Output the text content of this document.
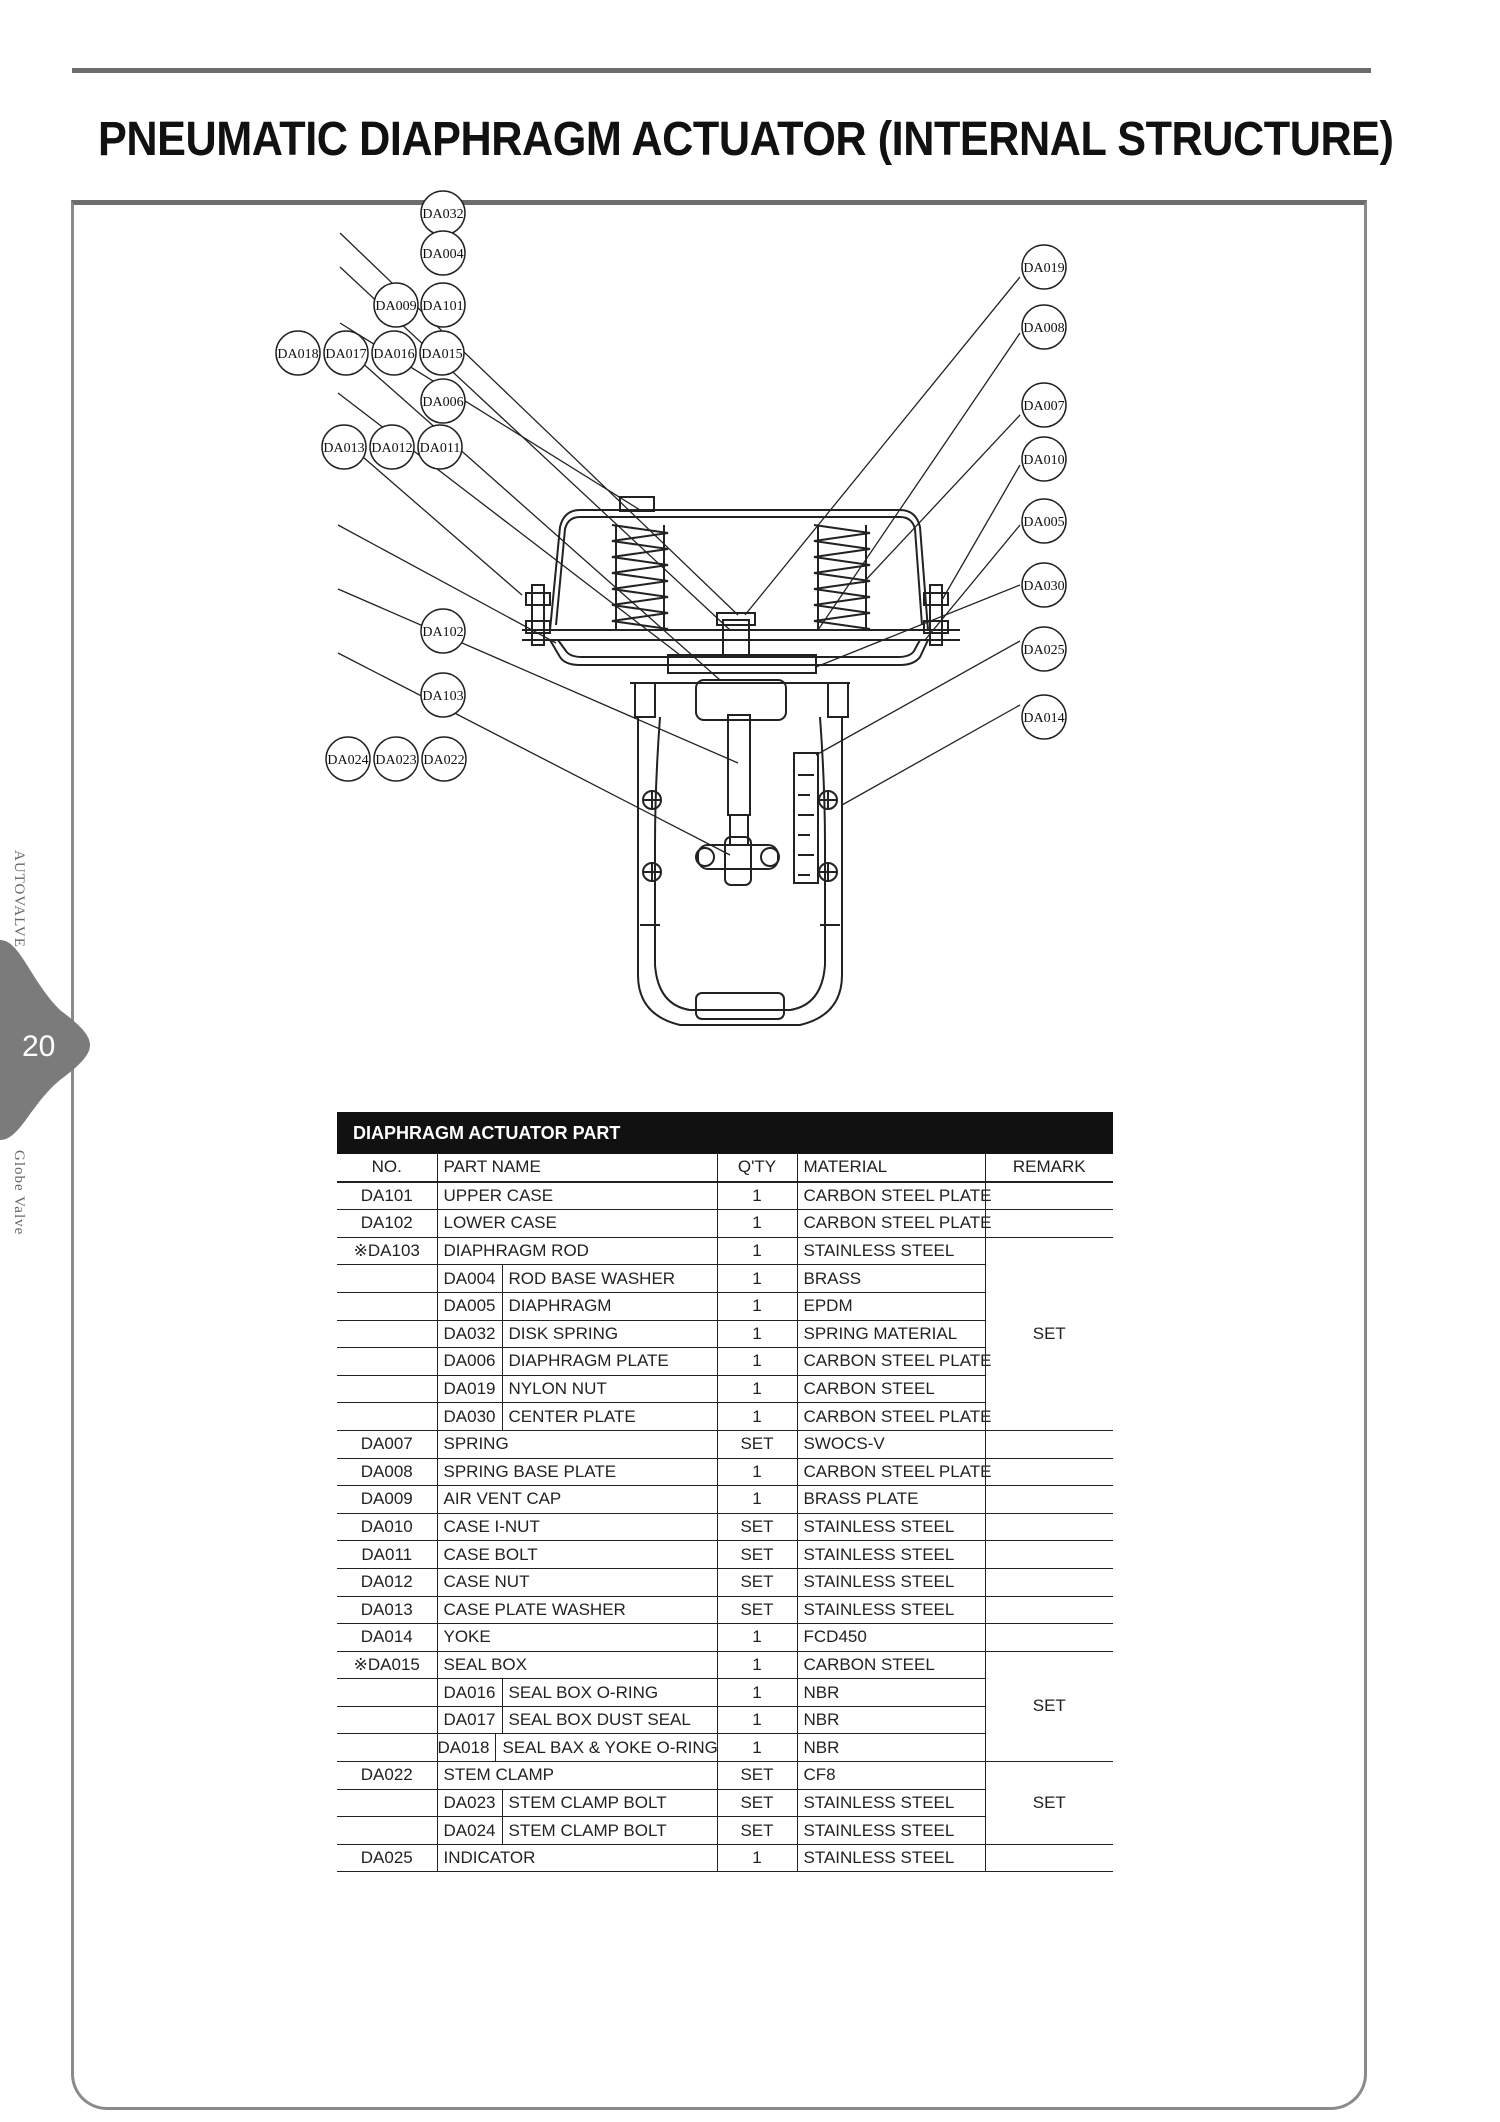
PNEUMATIC DIAPHRAGM ACTUATOR (INTERNAL STRUCTURE)
20
AUTOVALVE
Globe Valve
DA032
DA004
DA009 DA101
DA018 DA017 DA016 DA015
DA006
DA013 DA012 DA011
DA102
DA103
DA024 DA023 DA022
DA019
DA008
DA007
DA010
DA005
DA030
DA025
DA014
DIAPHRAGM ACTUATOR PART				
NO.	PART NAME	Q'TY	MATERIAL	REMARK
DA101	UPPER CASE	1	CARBON STEEL PLATE	
DA102	LOWER CASE	1	CARBON STEEL PLATE	
※DA103	DIAPHRAGM ROD	1	STAINLESS STEEL	SET

DA004 ROD BASE WASHER	1	BRASS	

DA005 DIAPHRAGM	1	EPDM	

DA032 DISK SPRING	1	SPRING MATERIAL	

DA006 DIAPHRAGM PLATE	1	CARBON STEEL PLATE	

DA019 NYLON NUT	1	CARBON STEEL	

DA030 CENTER PLATE	1	CARBON STEEL PLATE	
DA007	SPRING	SET	SWOCS-V	
DA008	SPRING BASE PLATE	1	CARBON STEEL PLATE	
DA009	AIR VENT CAP	1	BRASS PLATE	
DA010	CASE I-NUT	SET	STAINLESS STEEL	
DA011	CASE BOLT	SET	STAINLESS STEEL	
DA012	CASE NUT	SET	STAINLESS STEEL	
DA013	CASE PLATE WASHER	SET	STAINLESS STEEL	
DA014	YOKE	1	FCD450	
※DA015	SEAL BOX	1	CARBON STEEL	SET

DA016 SEAL BOX O-RING	1	NBR	

DA017 SEAL BOX DUST SEAL	1	NBR	

DA018 SEAL BAX & YOKE O-RING	1	NBR	
DA022	STEM CLAMP	SET	CF8	SET

DA023 STEM CLAMP BOLT	SET	STAINLESS STEEL	

DA024 STEM CLAMP BOLT	SET	STAINLESS STEEL	
DA025	INDICATOR	1	STAINLESS STEEL	
